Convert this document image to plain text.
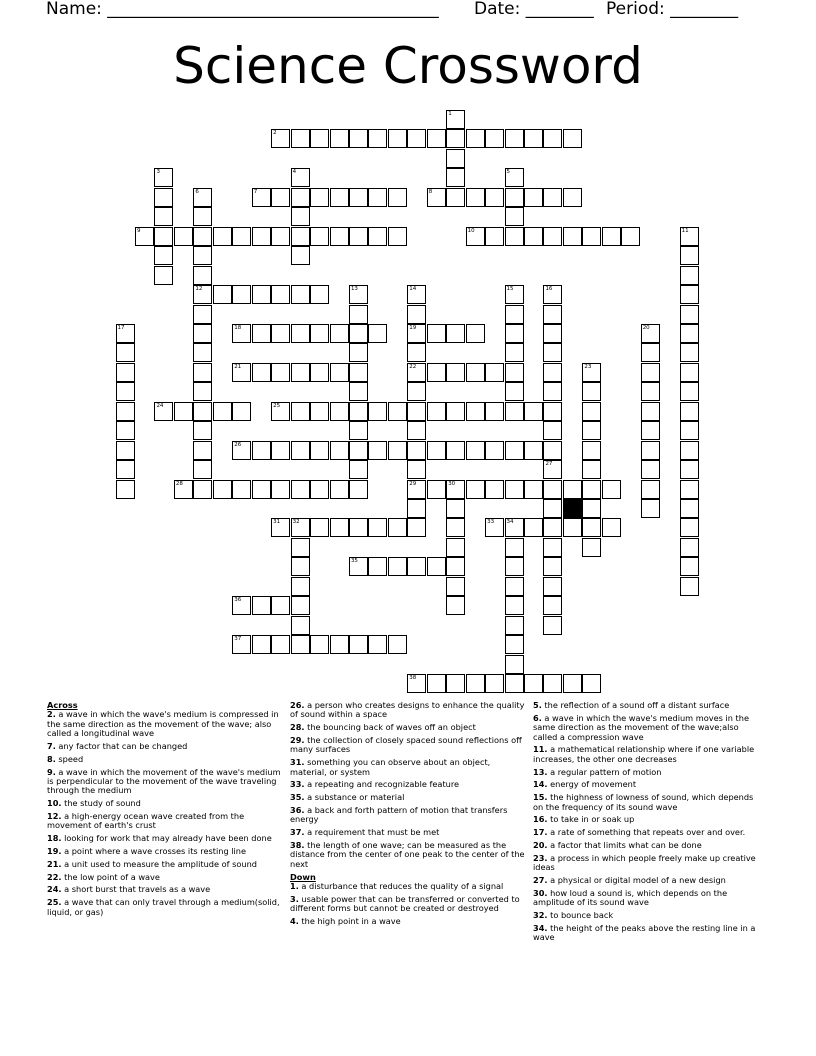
Name: _______________________________________ Date: ________ Period: ________
Science Crossword
2
7	8
9	10
12
18	19
21	22
24	25
26
28	29	30
31 32	33 34
35
36
37
38
1
3	4	5
6
11
13	14	15	16
27
17	20
23
Across
2. a wave in which the wave's medium is compressed in the same direction as the movement of the wave; also called a longitudinal wave
7. any factor that can be changed
8. speed
9. a wave in which the movement of the wave's medium is perpendicular to the movement of the wave traveling through the medium
10. the study of sound
12. a high-energy ocean wave created from the movement of earth's crust
18. looking for work that may already have been done
19. a point where a wave crosses its resting line
21. a unit used to measure the amplitude of sound
22. the low point of a wave
24. a short burst that travels as a wave
25. a wave that can only travel through a medium(solid, liquid, or gas)
26. a person who creates designs to enhance the quality of sound within a space
28. the bouncing back of waves off an object
29. the collection of closely spaced sound reflections off many surfaces
31. something you can observe about an object, material, or system
33. a repeating and recognizable feature
35. a substance or material
36. a back and forth pattern of motion that transfers energy
37. a requirement that must be met
38. the length of one wave; can be measured as the distance from the center of one peak to the center of the next
Down
1. a disturbance that reduces the quality of a signal
3. usable power that can be transferred or converted to different forms but cannot be created or destroyed
4. the high point in a wave
5. the reflection of a sound off a distant surface
6. a wave in which the wave's medium moves in the same direction as the movement of the wave;also called a compression wave
11. a mathematical relationship where if one variable increases, the other one decreases
13. a regular pattern of motion
14. energy of movement
15. the highness of lowness of sound, which depends on the frequency of its sound wave
16. to take in or soak up
17. a rate of something that repeats over and over.
20. a factor that limits what can be done
23. a process in which people freely make up creative ideas
27. a physical or digital model of a new design
30. how loud a sound is, which depends on the amplitude of its sound wave
32. to bounce back
34. the height of the peaks above the resting line in a wave
